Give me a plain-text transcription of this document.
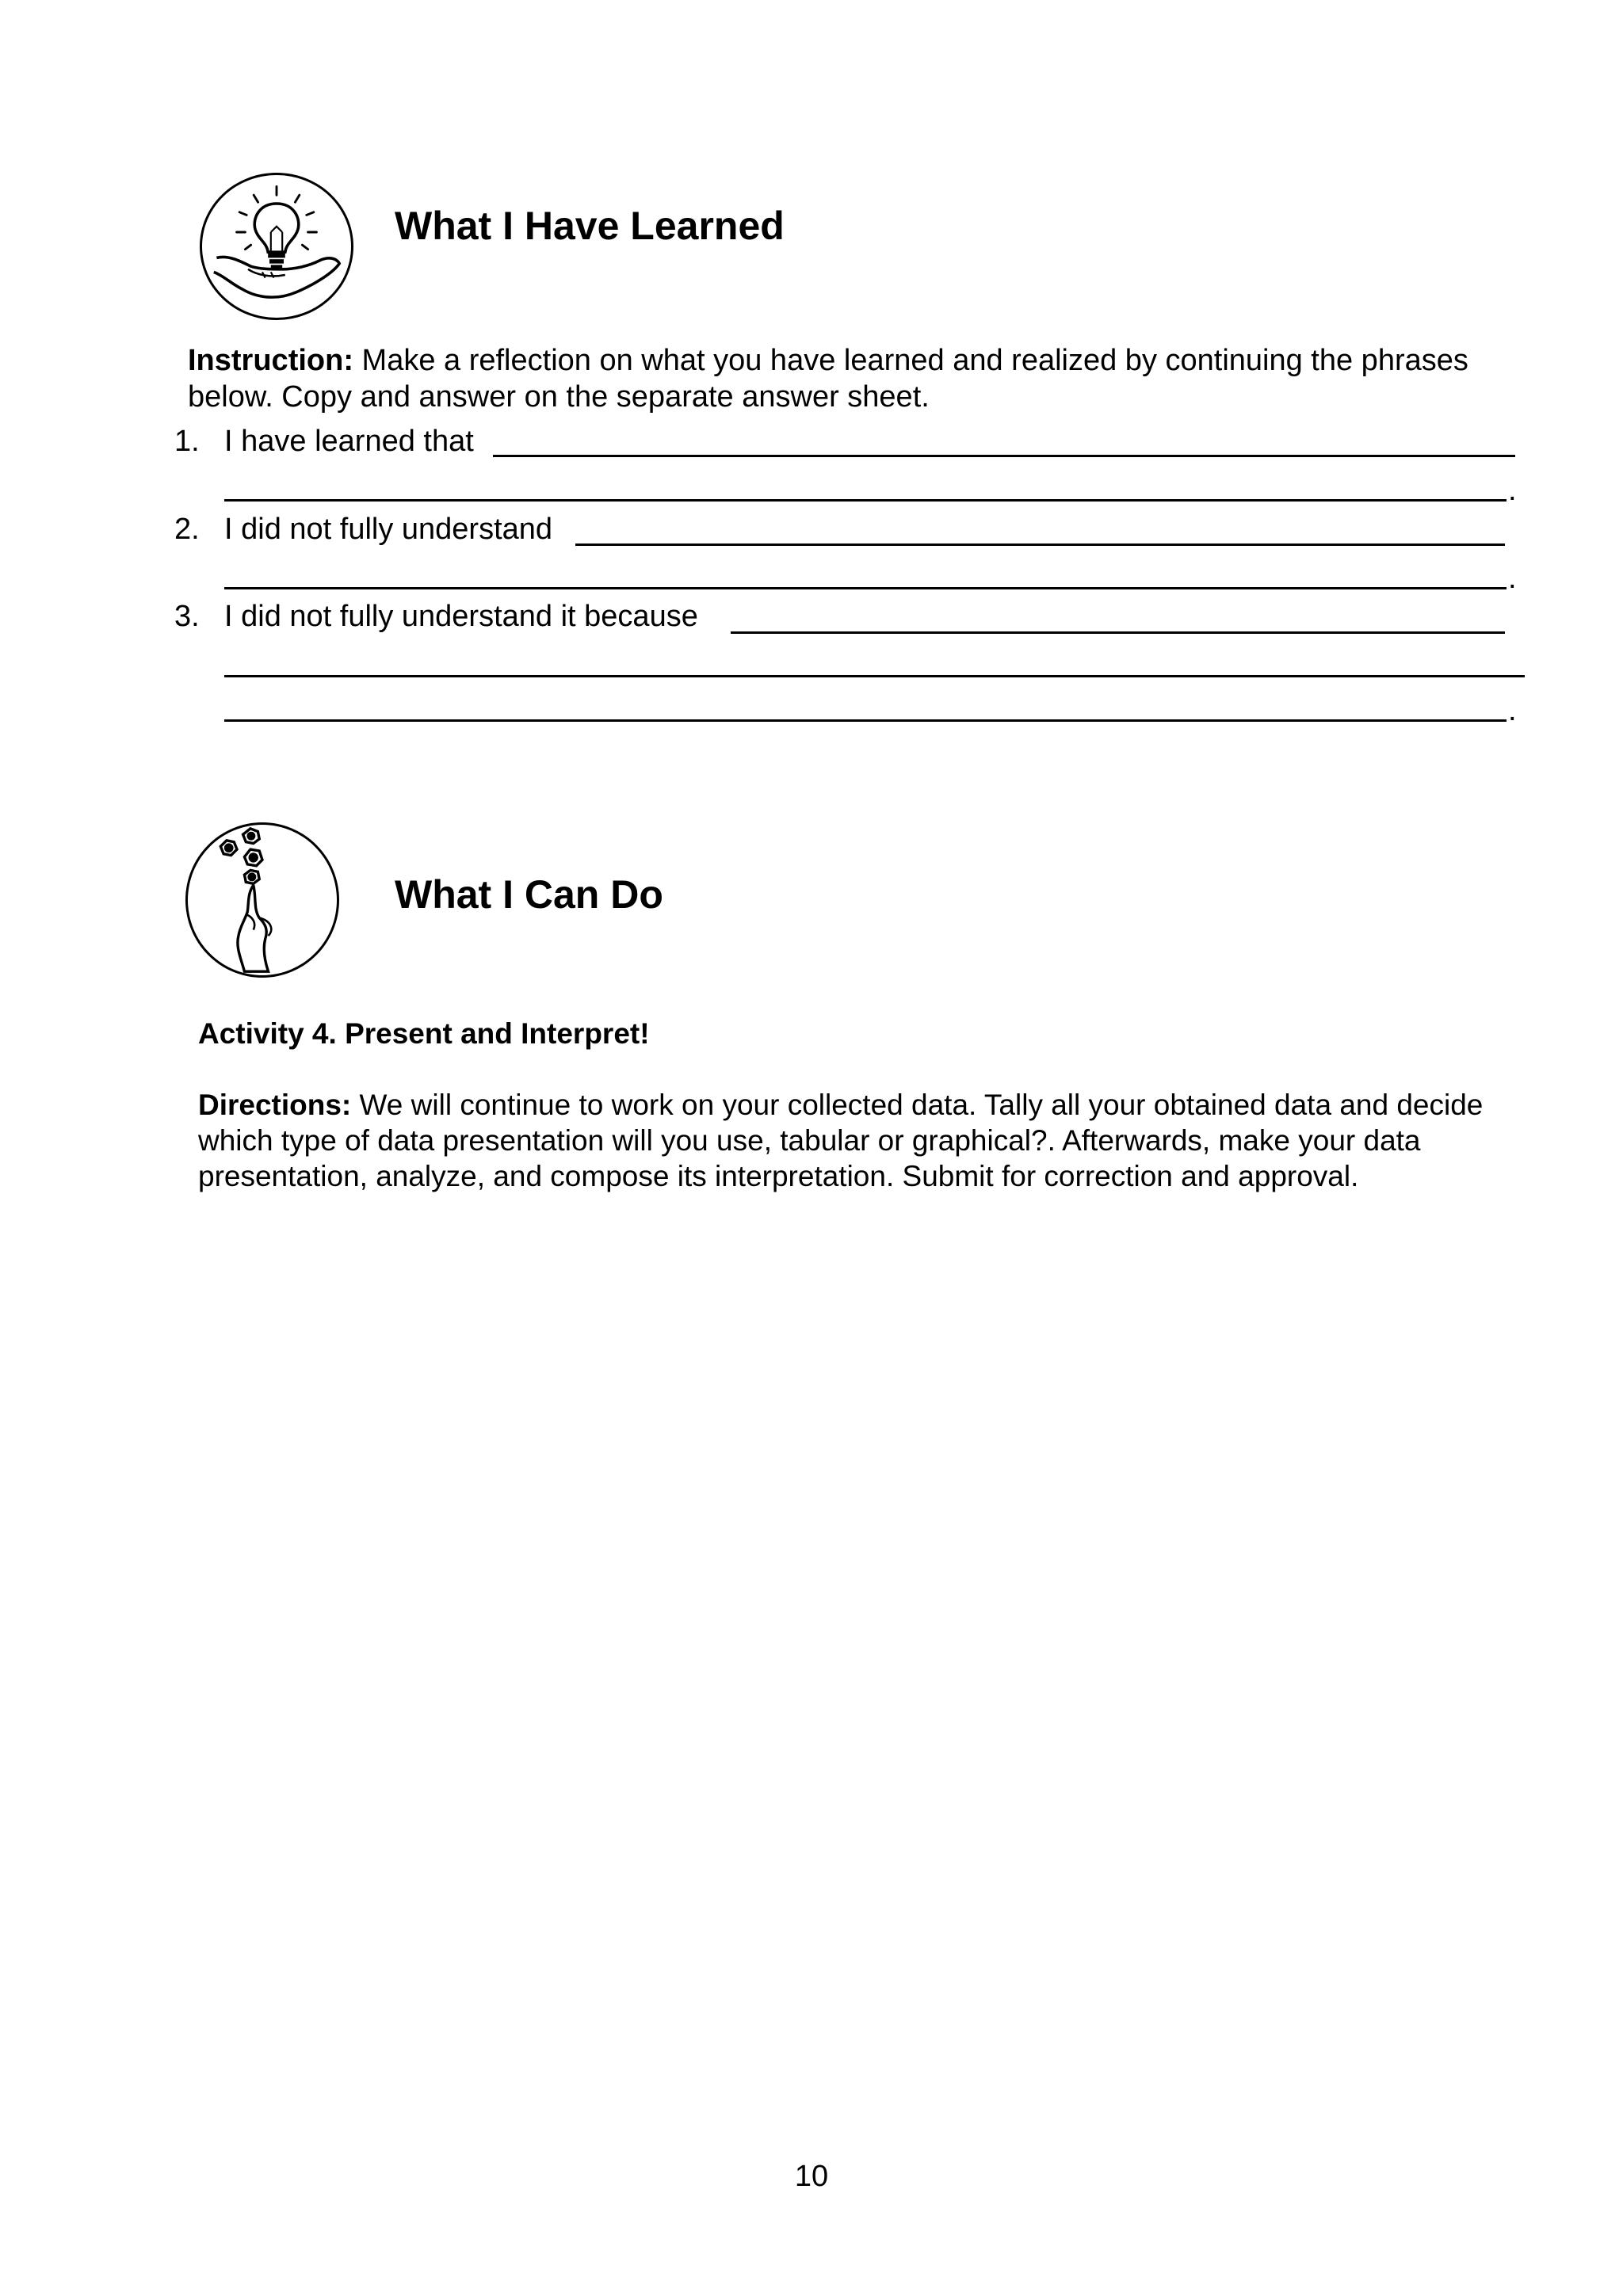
What I Have Learned
Instruction: Make a reflection on what you have learned and realized by continuing the phrases below. Copy and answer on the separate answer sheet.
1. I have learned that
.
2. I did not fully understand
.
3. I did not fully understand it because
.
What I Can Do
Activity 4. Present and Interpret!
Directions: We will continue to work on your collected data. Tally all your obtained data and decide which type of data presentation will you use, tabular or graphical?. Afterwards, make your data presentation, analyze, and compose its interpretation. Submit for correction and approval.
10
